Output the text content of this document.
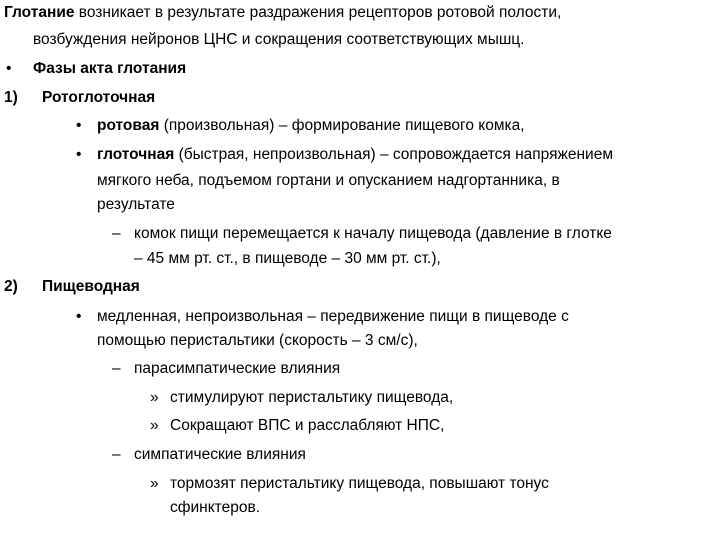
Глотание возникает в результате раздражения рецепторов ротовой полости,
возбуждения нейронов ЦНС и сокращения соответствующих мышц.
• Фазы акта глотания
1) Ротоглоточная
• ротовая (произвольная) – формирование пищевого комка,
• глоточная (быстрая, непроизвольная) – сопровождается напряжением
мягкого неба, подъемом гортани и опусканием надгортанника, в
результате
– комок пищи перемещается к началу пищевода (давление в глотке
– 45 мм рт. ст., в пищеводе – 30 мм рт. ст.),
2) Пищеводная
• медленная, непроизвольная – передвижение пищи в пищеводе с
помощью перистальтики (скорость – 3 см/с),
– парасимпатические влияния
» стимулируют перистальтику пищевода,
» Сокращают ВПС и расслабляют НПС,
– симпатические влияния
» тормозят перистальтику пищевода, повышают тонус
сфинктеров.
